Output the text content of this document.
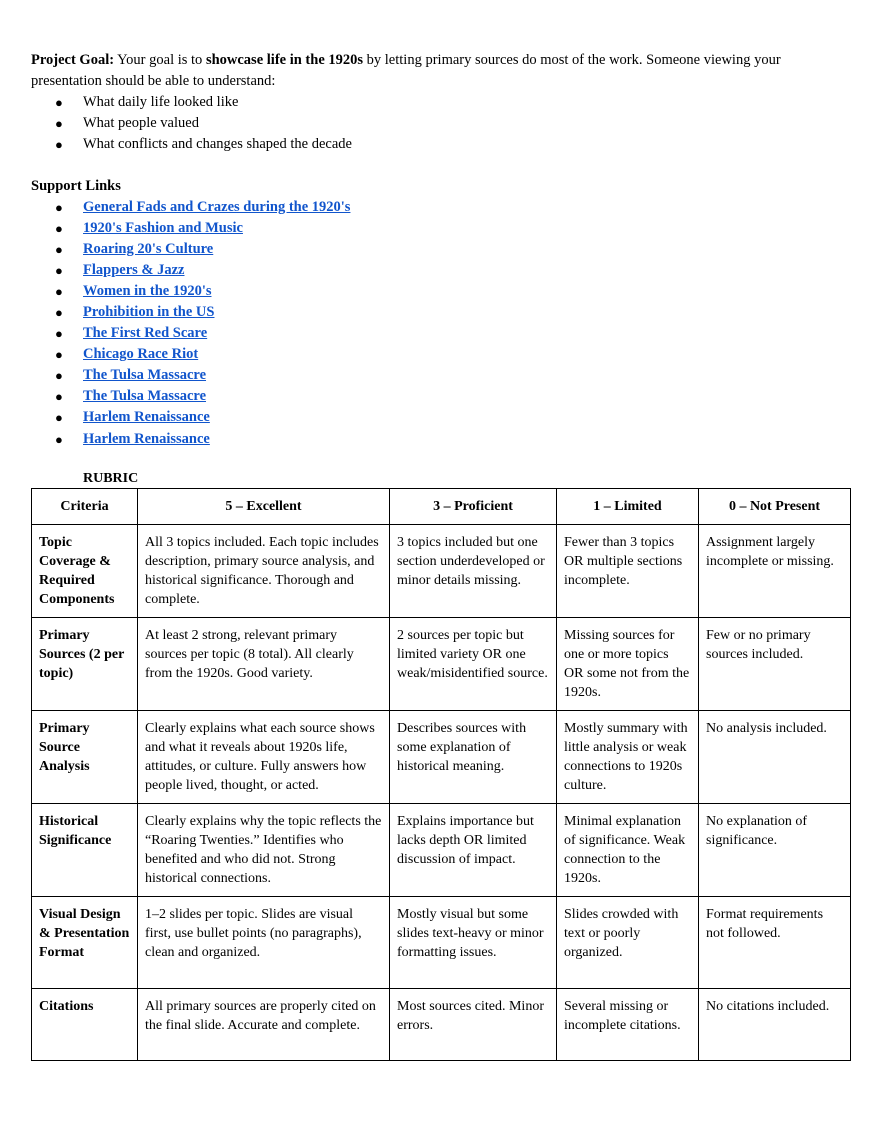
Project Goal: Your goal is to showcase life in the 1920s by letting primary sources do most of the work. Someone viewing your presentation should be able to understand:

● What daily life looked like
● What people valued
● What conflicts and changes shaped the decade
Support Links
● General Fads and Crazes during the 1920's
● 1920's Fashion and Music
● Roaring 20's Culture
● Flappers & Jazz
● Women in the 1920's
● Prohibition in the US
● The First Red Scare
● Chicago Race Riot
● The Tulsa Massacre
● The Tulsa Massacre
● Harlem Renaissance
● Harlem Renaissance
RUBRIC
Criteria	5 – Excellent	3 – Proficient	1 – Limited	0 – Not Present
Topic Coverage & Required Components	All 3 topics included. Each topic includes description, primary source analysis, and historical significance. Thorough and complete.	3 topics included but one section underdeveloped or minor details missing.	Fewer than 3 topics OR multiple sections incomplete.	Assignment largely incomplete or missing.
Primary Sources (2 per topic)	At least 2 strong, relevant primary sources per topic (8 total). All clearly from the 1920s. Good variety.	2 sources per topic but limited variety OR one weak/misidentified source.	Missing sources for one or more topics OR some not from the 1920s.	Few or no primary sources included.
Primary Source Analysis	Clearly explains what each source shows and what it reveals about 1920s life, attitudes, or culture. Fully answers how people lived, thought, or acted.	Describes sources with some explanation of historical meaning.	Mostly summary with little analysis or weak connections to 1920s culture.	No analysis included.
Historical Significance	Clearly explains why the topic reflects the “Roaring Twenties.” Identifies who benefited and who did not. Strong historical connections.	Explains importance but lacks depth OR limited discussion of impact.	Minimal explanation of significance. Weak connection to the 1920s.	No explanation of significance.
Visual Design & Presentation Format	1–2 slides per topic. Slides are visual first, use bullet points (no paragraphs), clean and organized.	Mostly visual but some slides text-heavy or minor formatting issues.	Slides crowded with text or poorly organized.	Format requirements not followed.
Citations	All primary sources are properly cited on the final slide. Accurate and complete.	Most sources cited. Minor errors.	Several missing or incomplete citations.	No citations included.
